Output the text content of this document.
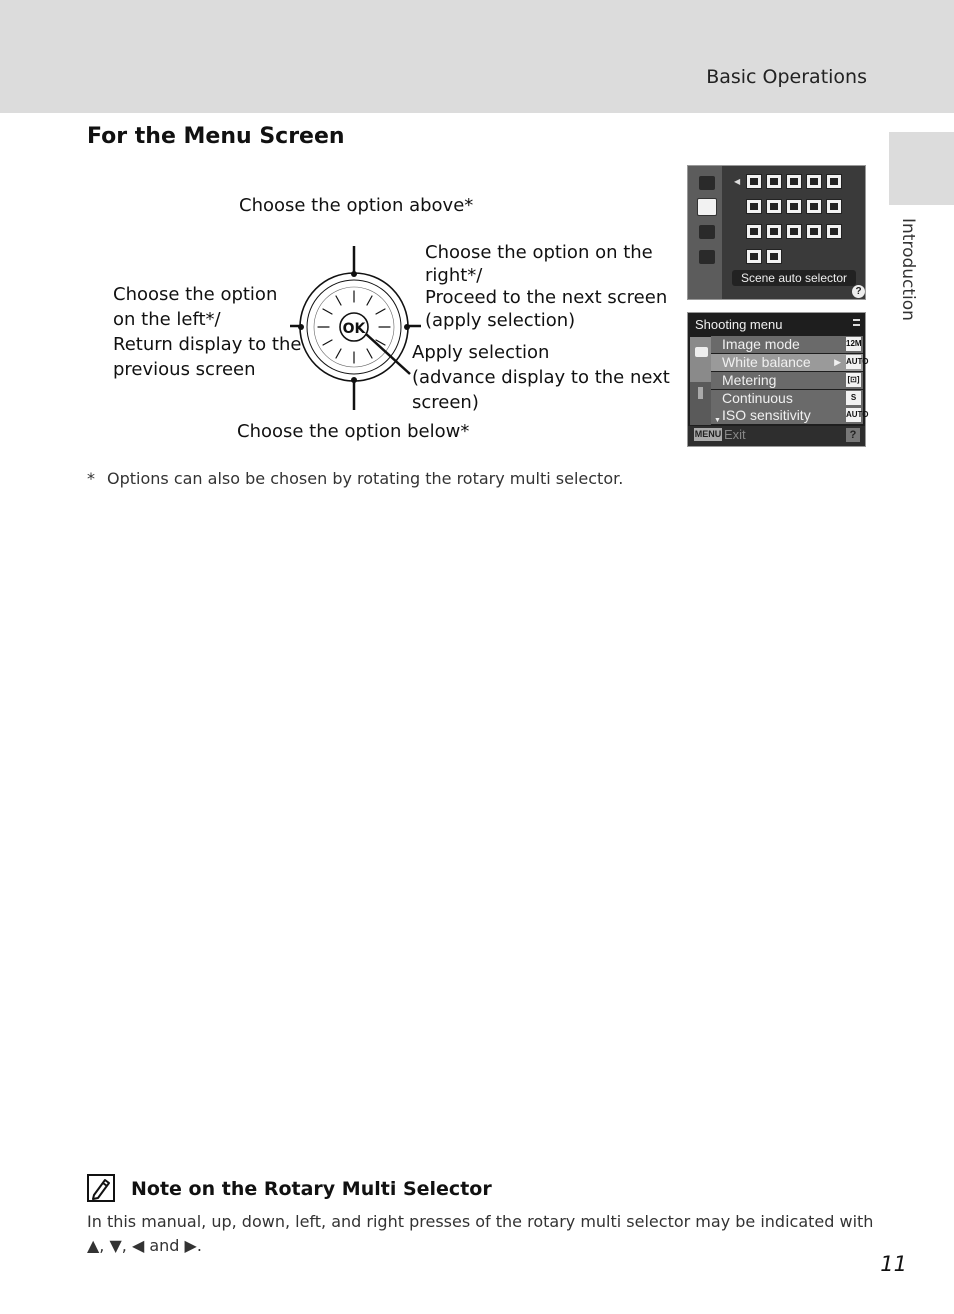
Basic Operations
Introduction
For the Menu Screen
Choose the option above*
Choose the option below*
Choose the option
on the left*/
Return display to the
previous screen
Choose the option on the
right*/
Proceed to the next screen
(apply selection)
Apply selection
(advance display to the next
screen)
OK
◀
Scene auto selector
?
Shooting menu
Image mode	12M
White balance	▶ AUTO
Metering	[⊡]
Continuous	S
ISO sensitivity	AUTO
▼
MENU Exit	?
* Options can also be chosen by rotating the rotary multi selector.
Note on the Rotary Multi Selector
In this manual, up, down, left, and right presses of the rotary multi selector may be indicated with ▲, ▼, ◀ and ▶.
11
